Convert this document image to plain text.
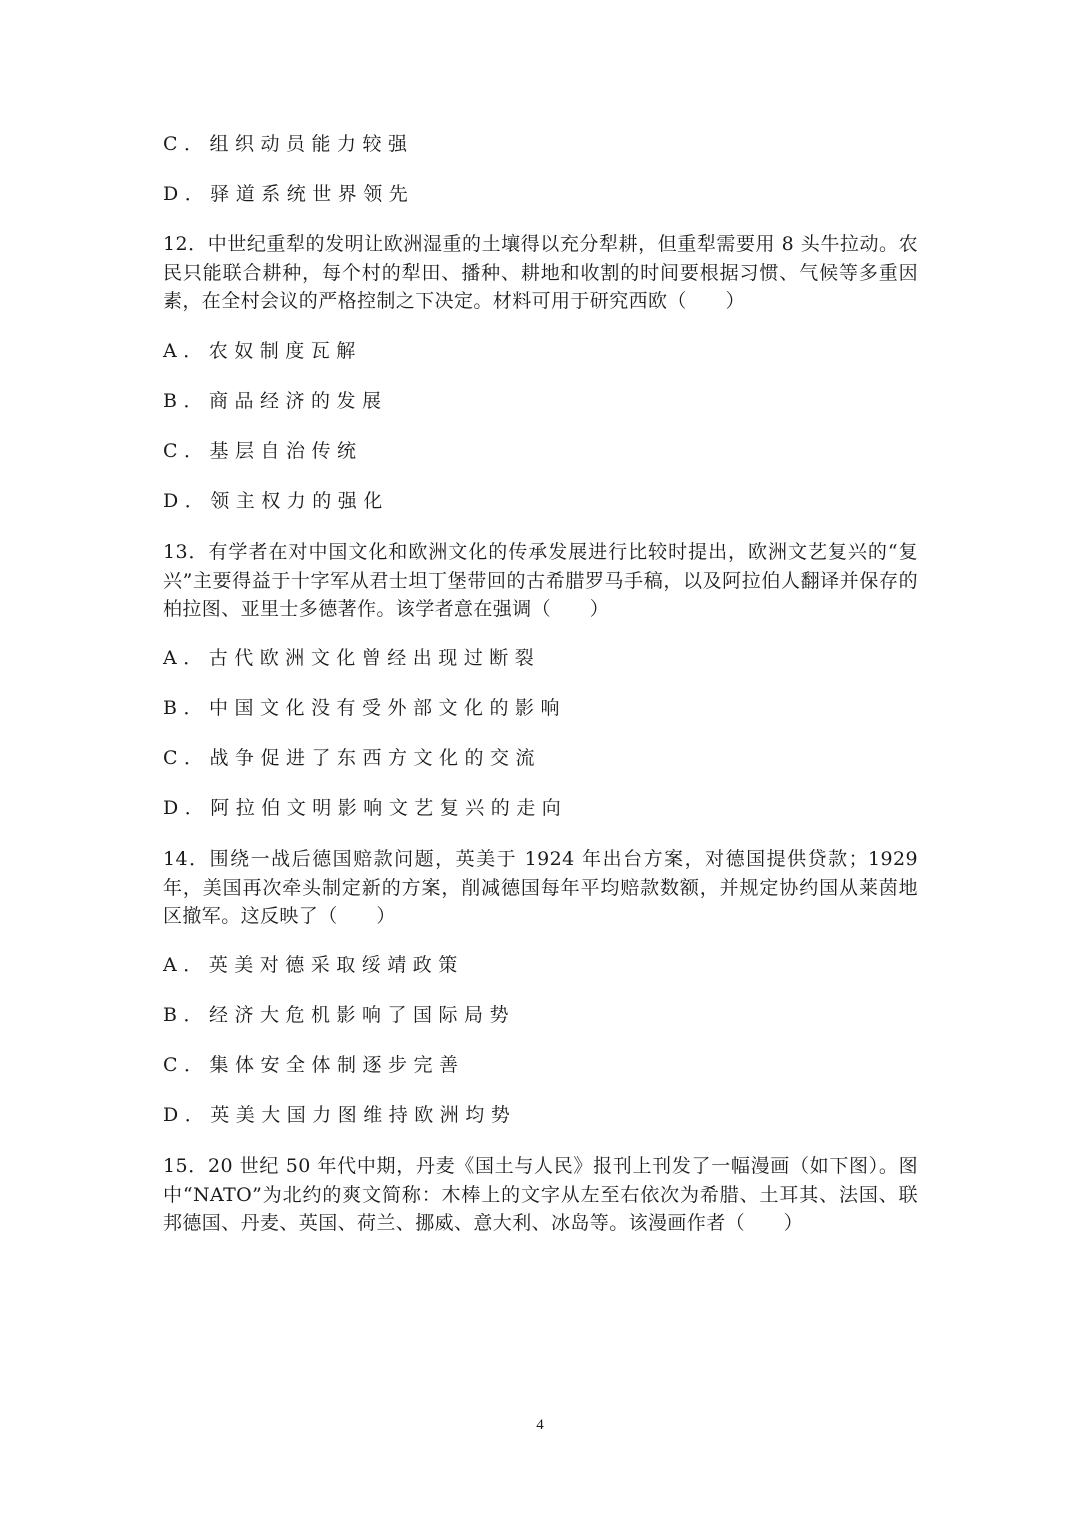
C．组织动员能力较强
D．驿道系统世界领先
12．中世纪重犁的发明让欧洲湿重的土壤得以充分犁耕，但重犁需要用 8 头牛拉动。农民只能联合耕种，每个村的犁田、播种、耕地和收割的时间要根据习惯、气候等多重因素，在全村会议的严格控制之下决定。材料可用于研究西欧（　　）
A．农奴制度瓦解
B．商品经济的发展
C．基层自治传统
D．领主权力的强化
13．有学者在对中国文化和欧洲文化的传承发展进行比较时提出，欧洲文艺复兴的“复兴”主要得益于十字军从君士坦丁堡带回的古希腊罗马手稿，以及阿拉伯人翻译并保存的柏拉图、亚里士多德著作。该学者意在强调（　　）
A．古代欧洲文化曾经出现过断裂
B．中国文化没有受外部文化的影响
C．战争促进了东西方文化的交流
D．阿拉伯文明影响文艺复兴的走向
14．围绕一战后德国赔款问题，英美于 1924 年出台方案，对德国提供贷款；1929 年，美国再次牵头制定新的方案，削减德国每年平均赔款数额，并规定协约国从莱茵地区撤军。这反映了（　　）
A．英美对德采取绥靖政策
B．经济大危机影响了国际局势
C．集体安全体制逐步完善
D．英美大国力图维持欧洲均势
15．20 世纪 50 年代中期，丹麦《国土与人民》报刊上刊发了一幅漫画（如下图）。图中“NATO”为北约的爽文简称：木棒上的文字从左至右依次为希腊、土耳其、法国、联邦德国、丹麦、英国、荷兰、挪威、意大利、冰岛等。该漫画作者（　　）
4
